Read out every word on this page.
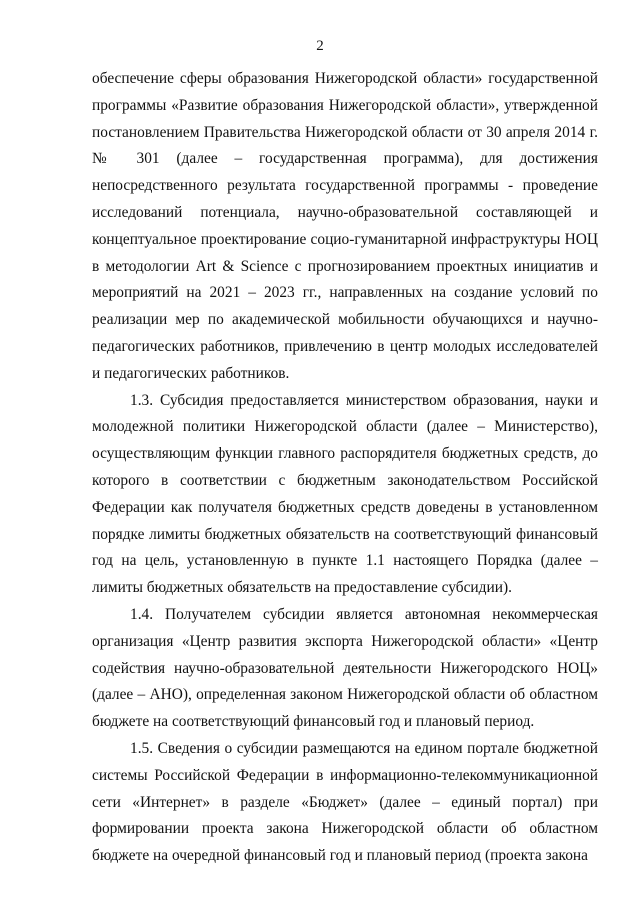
2

обеспечение сферы образования Нижегородской области» государственной программы «Развитие образования Нижегородской области», утвержденной постановлением Правительства Нижегородской области от 30 апреля 2014 г. № 301 (далее – государственная программа), для достижения непосредственного результата государственной программы - проведение исследований потенциала, научно-образовательной составляющей и концептуальное проектирование социо-гуманитарной инфраструктуры НОЦ в методологии Art & Science с прогнозированием проектных инициатив и мероприятий на 2021 – 2023 гг., направленных на создание условий по реализации мер по академической мобильности обучающихся и научно-педагогических работников, привлечению в центр молодых исследователей и педагогических работников.

1.3. Субсидия предоставляется министерством образования, науки и молодежной политики Нижегородской области (далее – Министерство), осуществляющим функции главного распорядителя бюджетных средств, до которого в соответствии с бюджетным законодательством Российской Федерации как получателя бюджетных средств доведены в установленном порядке лимиты бюджетных обязательств на соответствующий финансовый год на цель, установленную в пункте 1.1 настоящего Порядка (далее – лимиты бюджетных обязательств на предоставление субсидии).

1.4. Получателем субсидии является автономная некоммерческая организация «Центр развития экспорта Нижегородской области» «Центр содействия научно-образовательной деятельности Нижегородского НОЦ» (далее – АНО), определенная законом Нижегородской области об областном бюджете на соответствующий финансовый год и плановый период.

1.5. Сведения о субсидии размещаются на едином портале бюджетной системы Российской Федерации в информационно-телекоммуникационной сети «Интернет» в разделе «Бюджет» (далее – единый портал) при формировании проекта закона Нижегородской области об областном бюджете на очередной финансовый год и плановый период (проекта закона
